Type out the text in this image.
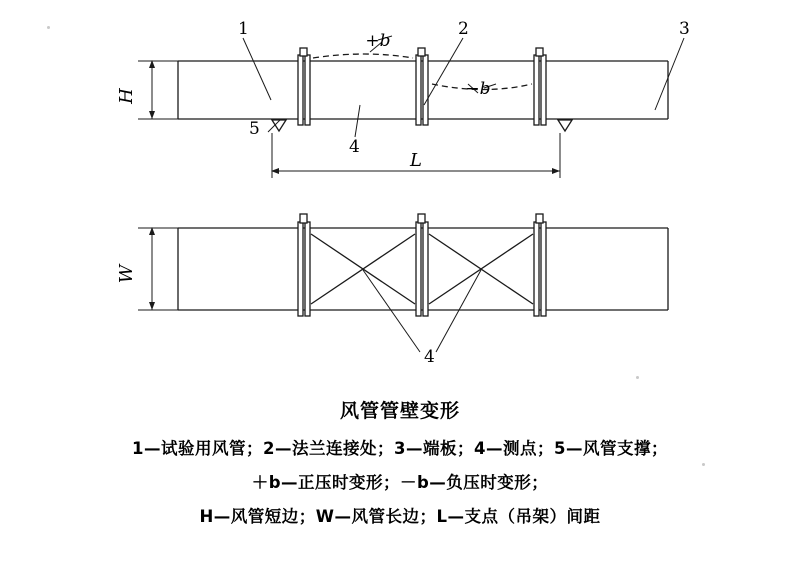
1	2	3
4
5
4
H
W
L
+b
−b
风管管壁变形
1—试验用风管；2—法兰连接处；3—端板；4—测点；5—风管支撑；
＋b—正压时变形；－b—负压时变形；
H—风管短边；W—风管长边；L—支点（吊架）间距
